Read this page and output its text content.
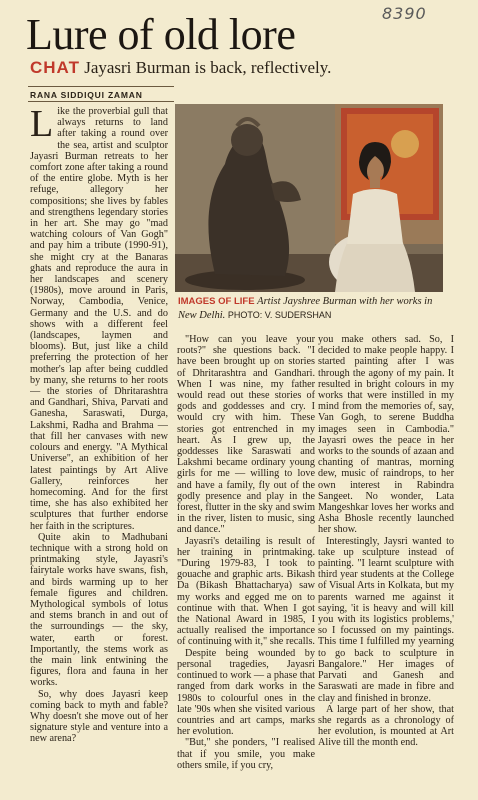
8390
Lure of old lore
CHAT Jayasri Burman is back, reflectively.
RANA SIDDIQUI ZAMAN

Like the proverbial gull that always returns to land after taking a round over the sea, artist and sculptor Jayasri Burman retreats to her comfort zone after taking a round of the entire globe. Myth is her refuge, allegory her compositions; she lives by fables and strengthens legendary stories in her art. She may go "mad watching colours of Van Gogh" and pay him a tribute (1990-91), she might cry at the Banaras ghats and reproduce the aura in her landscapes and scenery (1980s), move around in Paris, Norway, Cambodia, Venice, Germany and the U.S. and do shows with a different feel (landscapes, laymen and blooms). But, just like a child preferring the protection of her mother's lap after being cuddled by many, she returns to her roots — the stories of Dhritarashtra and Gandhari, Shiva, Parvati and Ganesha, Saraswati, Durga, Lakshmi, Radha and Brahma — that fill her canvases with new colours and energy. "A Mythical Universe", an exhibition of her latest paintings by Art Alive Gallery, reinforces her homecoming. And for the first time, she has also exhibited her sculptures that further endorse her faith in the scriptures.

Quite akin to Madhubani technique with a strong hold on printmaking style, Jayasri's fairytale works have swans, fish, and birds warming up to her female figures and children. Mythological symbols of lotus and stems branch in and out of the surroundings — the sky, water, earth or forest. Importantly, the stems work as the main link entwining the figures, flora and fauna in her works.

So, why does Jayasri keep coming back to myth and fable? Why doesn't she move out of her signature style and venture into a new arena?

IMAGES OF LIFE Artist Jayshree Burman with her works in New Delhi. PHOTO: V. SUDERSHAN

"How can you leave your roots?" she questions back. "I have been brought up on stories of Dhritarashtra and Gandhari. When I was nine, my father would read out these stories of gods and goddesses and cry. I would cry with him. These stories got entrenched in my heart. As I grew up, the goddesses like Saraswati and Lakshmi became ordinary young girls for me — willing to love and have a family, fly out of the godly presence and play in the forest, flutter in the sky and swim in the river, listen to music, sing and dance."

Jayasri's detailing is result of her training in printmaking. "During 1979-83, I took to gouache and graphic arts. Bikash Da (Bikash Bhattacharya) saw my works and egged me on to continue with that. When I got the National Award in 1985, I actually realised the importance of continuing with it," she recalls.

Despite being wounded by personal tragedies, Jayasri continued to work — a phase that ranged from dark works in the 1980s to colourful ones in the late '90s when she visited various countries and art camps, marks her evolution.

"But," she ponders, "I realised that if you smile, you make others smile, if you cry,

you make others sad. So, I decided to make people happy. I started painting after I was through the agony of my pain. It resulted in bright colours in my works that were instilled in my mind from the memories of, say, Van Gogh, to serene Buddha images seen in Cambodia." Jayasri owes the peace in her works to the sounds of azaan and chanting of mantras, morning dew, music of raindrops, to her own interest in Rabindra Sangeet. No wonder, Lata Mangeshkar loves her works and Asha Bhosle recently launched her show.

Interestingly, Jaysri wanted to take up sculpture instead of painting. "I learnt sculpture with third year students at the College of Visual Arts in Kolkata, but my parents warned me against it saying, 'it is heavy and will kill you with its logistics problems,' so I focussed on my paintings. This time I fulfilled my yearning to go back to sculpture in Bangalore." Her images of Parvati and Ganesh and Saraswati are made in fibre and clay and finished in bronze.

A large part of her show, that she regards as a chronology of her evolution, is mounted at Art Alive till the month end.
